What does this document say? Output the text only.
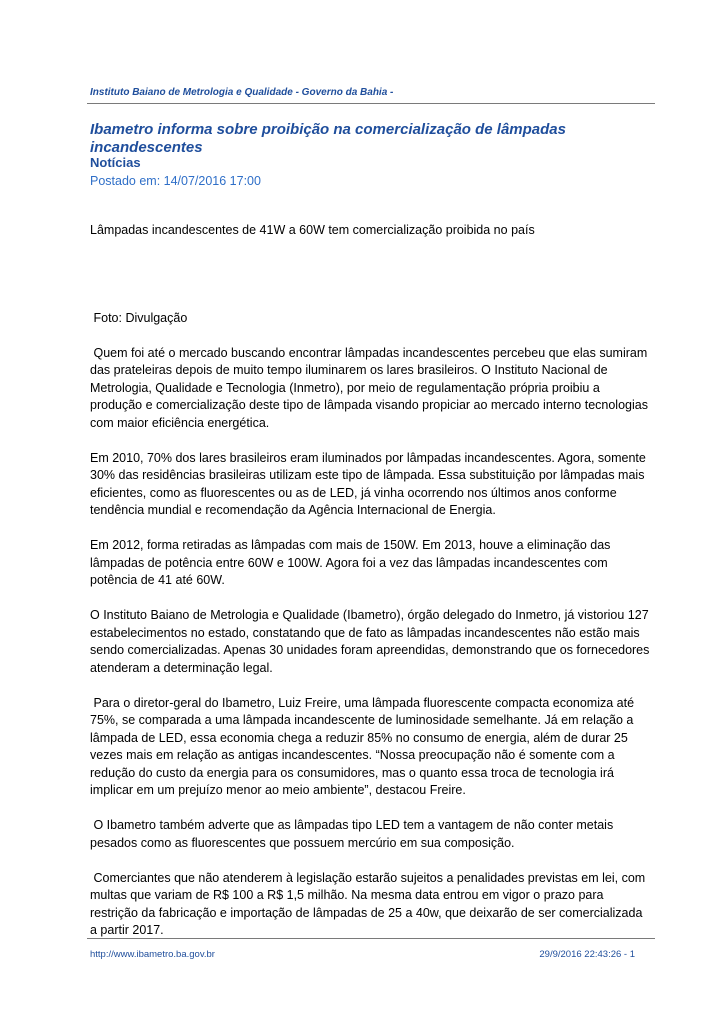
Instituto Baiano de Metrologia e Qualidade - Governo da Bahia -
Ibametro informa sobre proibição na comercialização de lâmpadas incandescentes
Notícias
Postado em: 14/07/2016 17:00

Lâmpadas incandescentes de 41W a 60W tem comercialização proibida no país

Foto: Divulgação

Quem foi até o mercado buscando encontrar lâmpadas incandescentes percebeu que elas sumiram das prateleiras depois de muito tempo iluminarem os lares brasileiros. O Instituto Nacional de Metrologia, Qualidade e Tecnologia (Inmetro), por meio de regulamentação própria proibiu a produção e comercialização deste tipo de lâmpada visando propiciar ao mercado interno tecnologias com maior eficiência energética.

Em 2010, 70% dos lares brasileiros eram iluminados por lâmpadas incandescentes. Agora, somente 30% das residências brasileiras utilizam este tipo de lâmpada. Essa substituição por lâmpadas mais eficientes, como as fluorescentes ou as de LED, já vinha ocorrendo nos últimos anos conforme tendência mundial e recomendação da Agência Internacional de Energia.

Em 2012, forma retiradas as lâmpadas com mais de 150W. Em 2013, houve a eliminação das lâmpadas de potência entre 60W e 100W. Agora foi a vez das lâmpadas incandescentes com potência de 41 até 60W.

O Instituto Baiano de Metrologia e Qualidade (Ibametro), órgão delegado do Inmetro, já vistoriou 127 estabelecimentos no estado, constatando que de fato as lâmpadas incandescentes não estão mais sendo comercializadas. Apenas 30 unidades foram apreendidas, demonstrando que os fornecedores atenderam a determinação legal.

Para o diretor-geral do Ibametro, Luiz Freire, uma lâmpada fluorescente compacta economiza até 75%, se comparada a uma lâmpada incandescente de luminosidade semelhante. Já em relação a lâmpada de LED, essa economia chega a reduzir 85% no consumo de energia, além de durar 25 vezes mais em relação as antigas incandescentes. “Nossa preocupação não é somente com a redução do custo da energia para os consumidores, mas o quanto essa troca de tecnologia irá implicar em um prejuízo menor ao meio ambiente”, destacou Freire.

O Ibametro também adverte que as lâmpadas tipo LED tem a vantagem de não conter metais pesados como as fluorescentes que possuem mercúrio em sua composição.

Comerciantes que não atenderem à legislação estarão sujeitos a penalidades previstas em lei, com multas que variam de R$ 100 a R$ 1,5 milhão. Na mesma data entrou em vigor o prazo para restrição da fabricação e importação de lâmpadas de 25 a 40w, que deixarão de ser comercializada a partir 2017.

http://www.ibametro.ba.gov.br	29/9/2016 22:43:26 - 1
